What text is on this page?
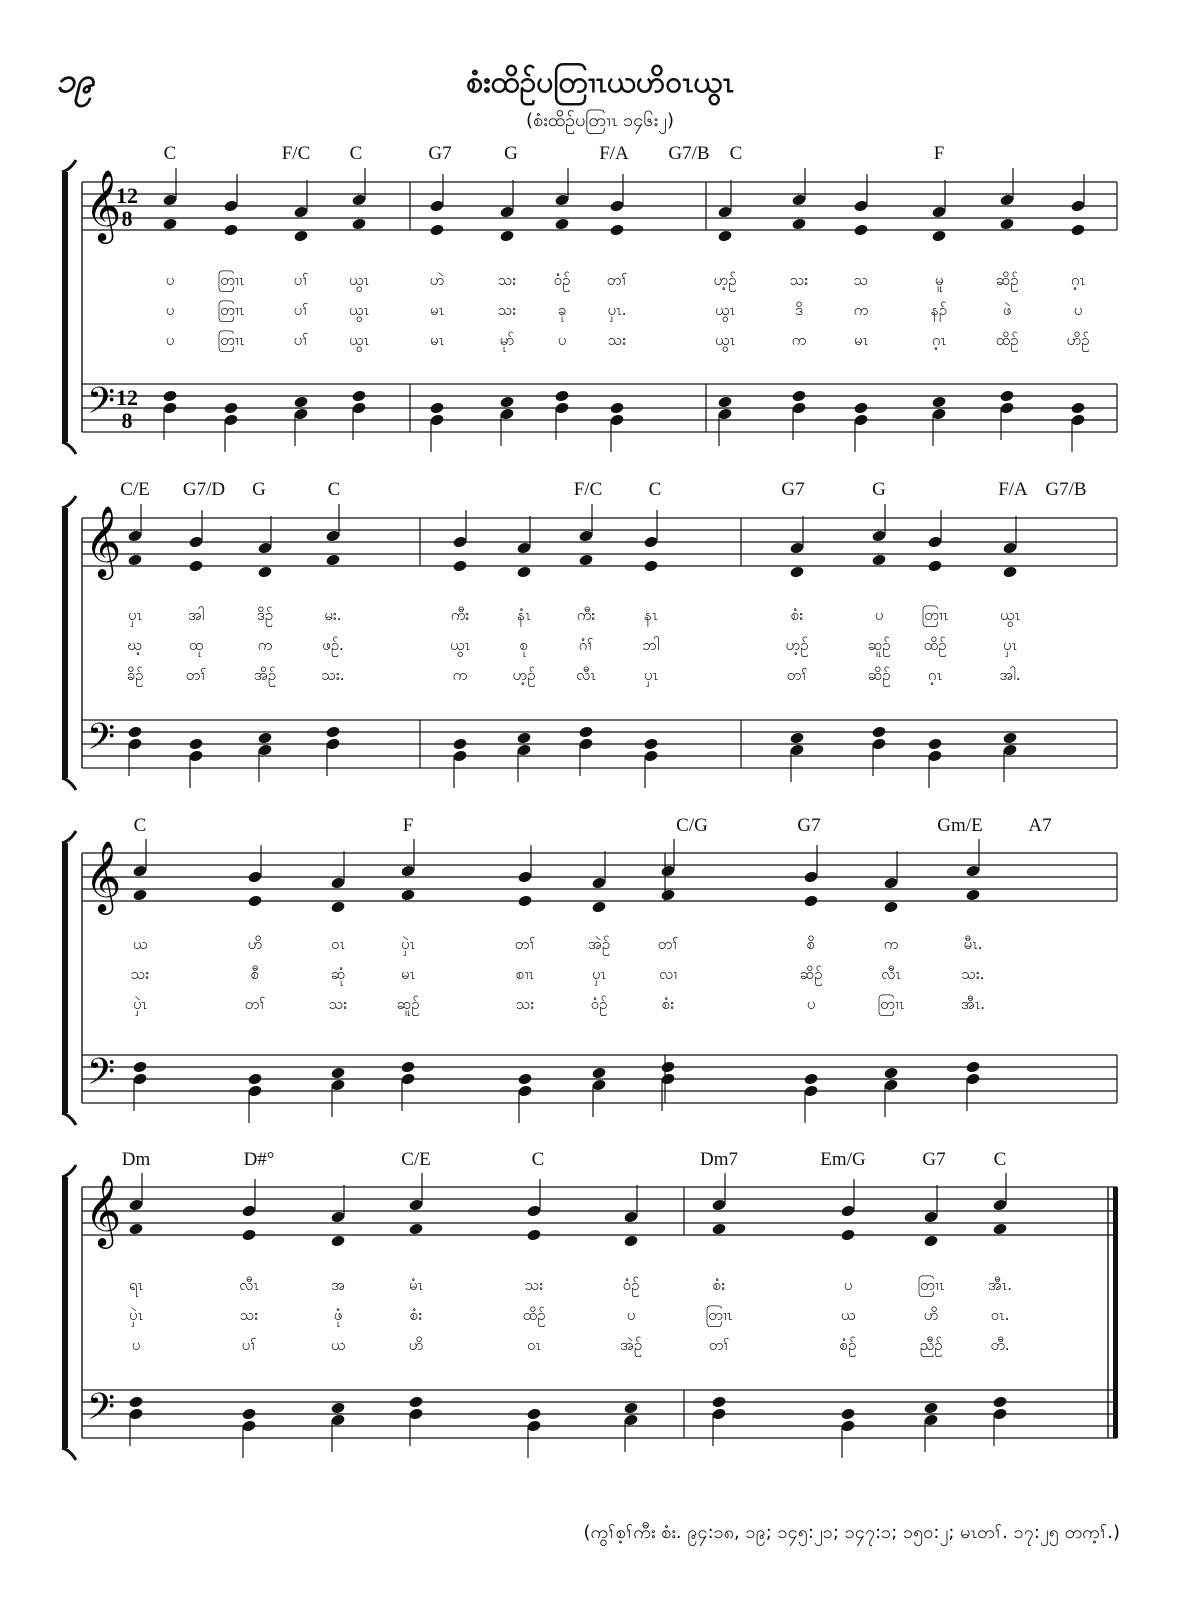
၁၉	စံးထိဉ်ပတြၢၤယဟိဝၤယွၤ
(စံးထိဉ်ပတြၢၤ ၁၄၆း၂)
(ကွၢ်စ့ၢ်ကီး စံး. ၉၄:၁၈, ၁၉; ၁၄၅:၂၁; ၁၄၇:၁; ၁၅၀:၂; မၤတၢ်. ၁၇:၂၅ တက့ၢ်.)
𝄞
𝄢
12
8
12
8
𝄞
𝄢
𝄞
𝄢
𝄞
𝄢
C	F/C C	G7	G	F/A G7/B C	F
ပ	တြၢၤ	ပၢ်	ယွၤ	ဟဲ	သး ဝံဉ် တၢ်	ဟ့ဉ်	သး	သ	မူ	ဆိဉ်	ဂ့ၤ
ပ	တြၢၤ	ပၢ်	ယွၤ	မၤ	သး	ခု	ပှၤ.	ယွၤ	ဒိ	က	နၣ်	ဖဲ	ပ
ပ	တြၢၤ	ပၢ်	ယွၤ	မၤ	မုာ်	ပ	သး	ယွၤ	က	မၤ	ဂ့ၤ	ထိဉ်	ဟိဉ်
C/E G7/D G	C	F/C C	G7	G	F/A G7/B
ပှၤ	အါ	ဒိဉ်	မး.	ကီး	နံၤ	ကီး	နၤ	စံး	ပ	တြၢၤ	ယွၤ
ဃ့	ထု	က	ဖဉ်.	ယွၤ	စု	ဂံၢ်	ဘါ	ဟ့ဉ်	ဆူဉ် ထိဉ်	ပှၤ
ခိဉ်	တၢ်	အိဉ်	သး.	က	ဟ့ဉ်	လီၤ	ပှၤ	တၢ်	ဆိဉ် ဂ့ၤ	အါ.
C	F	C/G	G7	Gm/E A7
ယ	ဟိ	ဝၤ	ပှဲၤ	တၢ်	အဲဉ်	တၢ်	စိ	က	မီၤ.
သး	စီ	ဆုံ	မၤ	စၢၤ	ပှၤ	လၢ	ဆိဉ်	လီၤ	သး.
ပှဲၤ	တၢ်	သး	ဆူဉ်	သး	ဝံဉ်	စံး	ပ	တြၢၤ	အီၤ.
Dm	D#°	C/E	C	Dm7	Em/G	G7	C
ရၤ	လီၤ	အ	မံၤ	သး	ဝံဉ်	စံး	ပ	တြၢၤ	အီၤ.
ပှဲၤ	သး	ဖုံ	စံး	ထိဉ်	ပ	တြၢၤ	ယ	ဟိ	ဝၤ.
ပ	ပၢ်	ယ	ဟိ	ဝၤ	အဲဉ်	တၢ်	စံဉ်	ညီဉ်	တီ.
